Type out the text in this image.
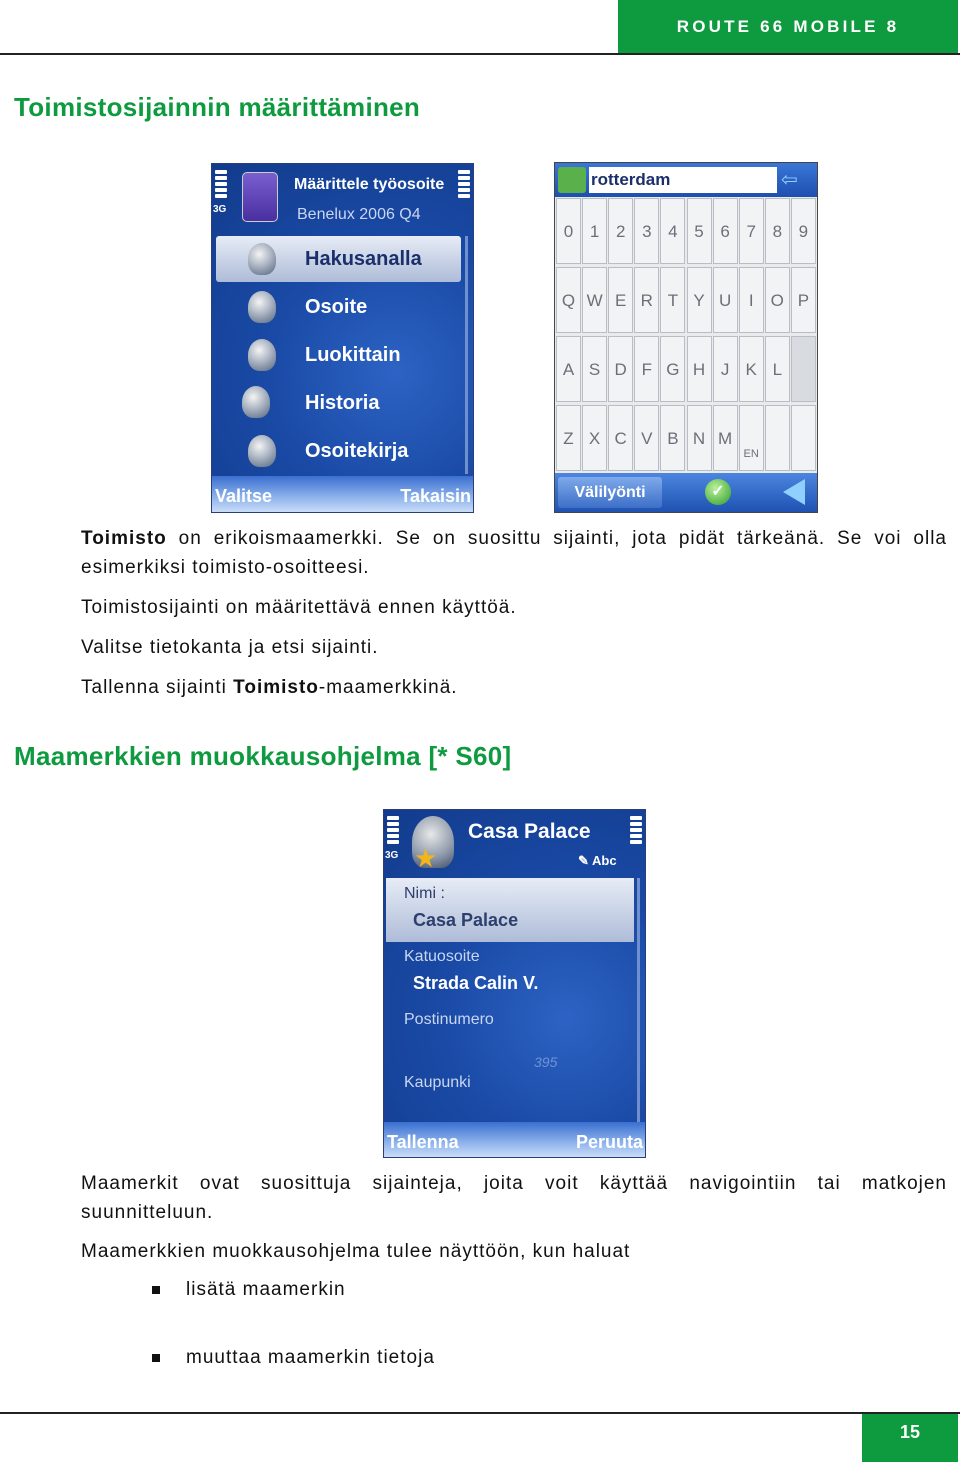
ROUTE 66 MOBILE 8 Käyttöohje
Toimistosijainnin määrittäminen
3G
Määrittele työosoite
Benelux 2006 Q4
Hakusanalla
Osoite
Luokittain
Historia
Osoitekirja
Valitse	Takaisin
rotterdam	⇦
0 1 2 3 4 5 6 7 8 9
Q W E R T Y U	I	O P
A S D F G H J K L
Z X C V B N M
EN
Välilyönti	✓
Toimisto on erikoismaamerkki. Se on suosittu sijainti, jota pidät tärkeänä. Se voi olla esimerkiksi toimisto-osoitteesi.
Toimistosijainti on määritettävä ennen käyttöä.
Valitse tietokanta ja etsi sijainti.
Tallenna sijainti Toimisto-maamerkkinä.
Maamerkkien muokkausohjelma [* S60]
3G ★
Casa Palace
✎ Abc
Nimi :
Casa Palace
Katuosoite
Strada Calin V.
Postinumero
395
Kaupunki
Tallenna	Peruuta
Maamerkit ovat suosittuja sijainteja, joita voit käyttää navigointiin tai matkojen suunnitteluun.
Maamerkkien muokkausohjelma tulee näyttöön, kun haluat
lisätä maamerkin
muuttaa maamerkin tietoja
15
